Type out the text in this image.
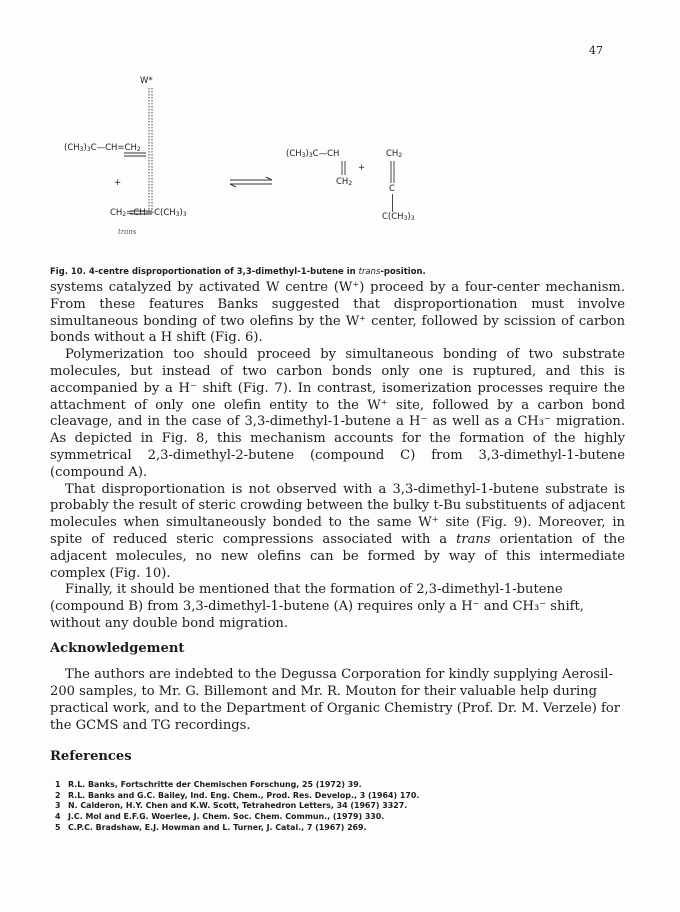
47
W*
$(CH_3)_3C—CH=CH_2$
+
$CH_2=CH—C(CH_3)_3$
trans
$(CH_3)_3C—CH$
$CH_2$
+
$CH_2$
C
$C(CH_3)_3$
Fig. 10. 4-centre disproportionation of 3,3-dimethyl-1-butene in trans-position.

systems catalyzed by activated W centre (W⁺) proceed by a four-center mechanism. From these features Banks suggested that disproportionation must involve simultaneous bonding of two olefins by the W⁺ center, followed by scission of carbon bonds without a H shift (Fig. 6).

Polymerization too should proceed by simultaneous bonding of two substrate molecules, but instead of two carbon bonds only one is ruptured, and this is accompanied by a H⁻ shift (Fig. 7). In contrast, isomerization processes require the attachment of only one olefin entity to the W⁺ site, followed by a carbon bond cleavage, and in the case of 3,3-dimethyl-1-butene a H⁻ as well as a CH₃⁻ migration. As depicted in Fig. 8, this mechanism accounts for the formation of the highly symmetrical 2,3-dimethyl-2-butene (compound C) from 3,3-dimethyl-1-butene (compound A).

That disproportionation is not observed with a 3,3-dimethyl-1-butene substrate is probably the result of steric crowding between the bulky t-Bu substituents of adjacent molecules when simultaneously bonded to the same W⁺ site (Fig. 9). Moreover, in spite of reduced steric compressions associated with a trans orientation of the adjacent molecules, no new olefins can be formed by way of this intermediate complex (Fig. 10).

Finally, it should be mentioned that the formation of 2,3-dimethyl-1-butene (compound B) from 3,3-dimethyl-1-butene (A) requires only a H⁻ and CH₃⁻ shift, without any double bond migration.

Acknowledgement
The authors are indebted to the Degussa Corporation for kindly supplying Aerosil-200 samples, to Mr. G. Billemont and Mr. R. Mouton for their valuable help during practical work, and to the Department of Organic Chemistry (Prof. Dr. M. Verzele) for the GCMS and TG recordings.
References
1 R.L. Banks, Fortschritte der Chemischen Forschung, 25 (1972) 39.
2 R.L. Banks and G.C. Bailey, Ind. Eng. Chem., Prod. Res. Develop., 3 (1964) 170.
3 N. Calderon, H.Y. Chen and K.W. Scott, Tetrahedron Letters, 34 (1967) 3327.
4 J.C. Mol and E.F.G. Woerlee, J. Chem. Soc. Chem. Commun., (1979) 330.
5 C.P.C. Bradshaw, E.J. Howman and L. Turner, J. Catal., 7 (1967) 269.
